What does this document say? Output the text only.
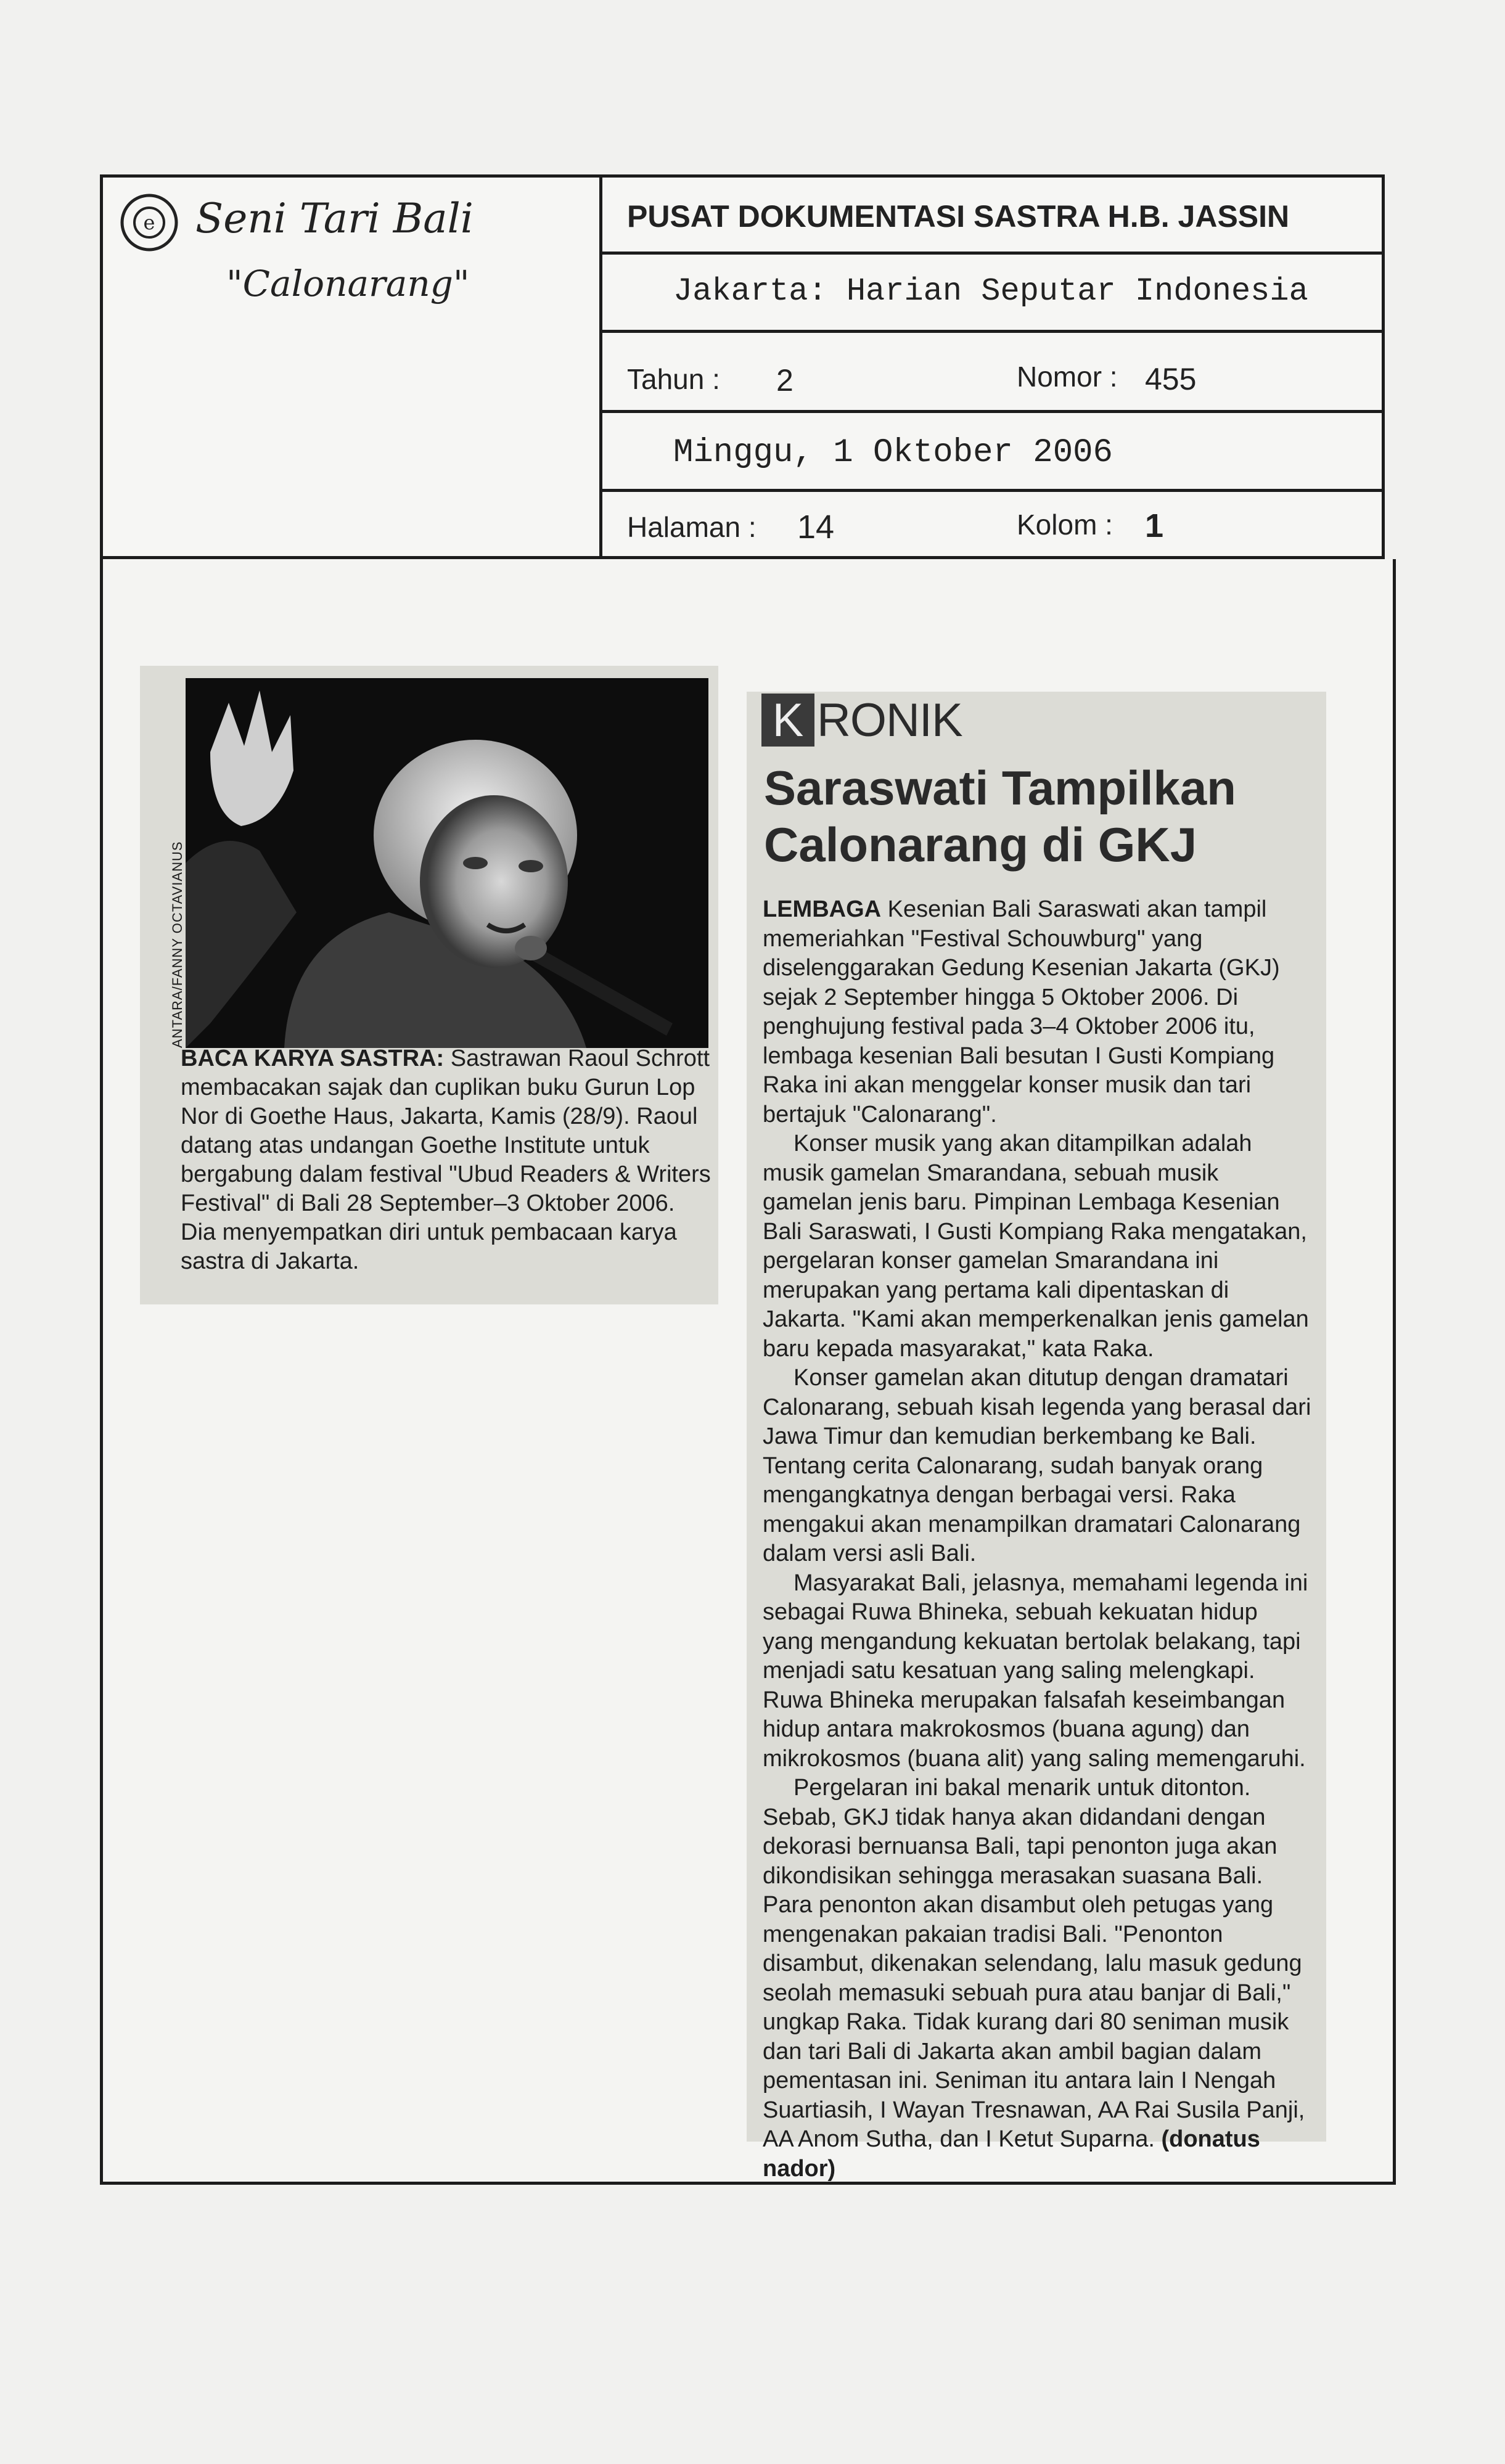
e Seni Tari Bali
"Calonarang"
PUSAT DOKUMENTASI SASTRA H.B. JASSIN
Jakarta: Harian Seputar Indonesia
Tahun : 2	Nomor : 455
Minggu, 1 Oktober 2006
Halaman : 14	Kolom : 1
ANTARA/FANNY OCTAVIANUS
BACA KARYA SASTRA: Sastrawan Raoul Schrott membacakan sajak dan cuplikan buku Gurun Lop Nor di Goethe Haus, Jakarta, Kamis (28/9). Raoul datang atas undangan Goethe Institute untuk bergabung dalam festival "Ubud Readers & Writers Festival" di Bali 28 September–3 Oktober 2006. Dia menyempatkan diri untuk pembacaan karya sastra di Jakarta.
K RONIK
Saraswati Tampilkan Calonarang di GKJ

LEMBAGA Kesenian Bali Saraswati akan tampil memeriahkan "Festival Schouwburg" yang diselenggarakan Gedung Kesenian Jakarta (GKJ) sejak 2 September hingga 5 Oktober 2006. Di penghujung festival pada 3–4 Oktober 2006 itu, lembaga kesenian Bali besutan I Gusti Kompiang Raka ini akan menggelar konser musik dan tari bertajuk "Calonarang".

Konser musik yang akan ditampilkan adalah musik gamelan Smarandana, sebuah musik gamelan jenis baru. Pimpinan Lembaga Kesenian Bali Saraswati, I Gusti Kompiang Raka mengatakan, pergelaran konser gamelan Smarandana ini merupakan yang pertama kali dipentaskan di Jakarta. "Kami akan memperkenalkan jenis gamelan baru kepada masyarakat," kata Raka.

Konser gamelan akan ditutup dengan dramatari Calonarang, sebuah kisah legenda yang berasal dari Jawa Timur dan kemudian berkembang ke Bali. Tentang cerita Calonarang, sudah banyak orang mengangkatnya dengan berbagai versi. Raka mengakui akan menampilkan dramatari Calonarang dalam versi asli Bali.

Masyarakat Bali, jelasnya, memahami legenda ini sebagai Ruwa Bhineka, sebuah kekuatan hidup yang mengandung kekuatan bertolak belakang, tapi menjadi satu kesatuan yang saling melengkapi. Ruwa Bhineka merupakan falsafah keseimbangan hidup antara makrokosmos (buana agung) dan mikrokosmos (buana alit) yang saling memengaruhi.

Pergelaran ini bakal menarik untuk ditonton. Sebab, GKJ tidak hanya akan didandani dengan dekorasi bernuansa Bali, tapi penonton juga akan dikondisikan sehingga merasakan suasana Bali. Para penonton akan disambut oleh petugas yang mengenakan pakaian tradisi Bali. "Penonton disambut, dikenakan selendang, lalu masuk gedung seolah memasuki sebuah pura atau banjar di Bali," ungkap Raka. Tidak kurang dari 80 seniman musik dan tari Bali di Jakarta akan ambil bagian dalam pementasan ini. Seniman itu antara lain I Nengah Suartiasih, I Wayan Tresnawan, AA Rai Susila Panji, AA Anom Sutha, dan I Ketut Suparna. (donatus nador)
